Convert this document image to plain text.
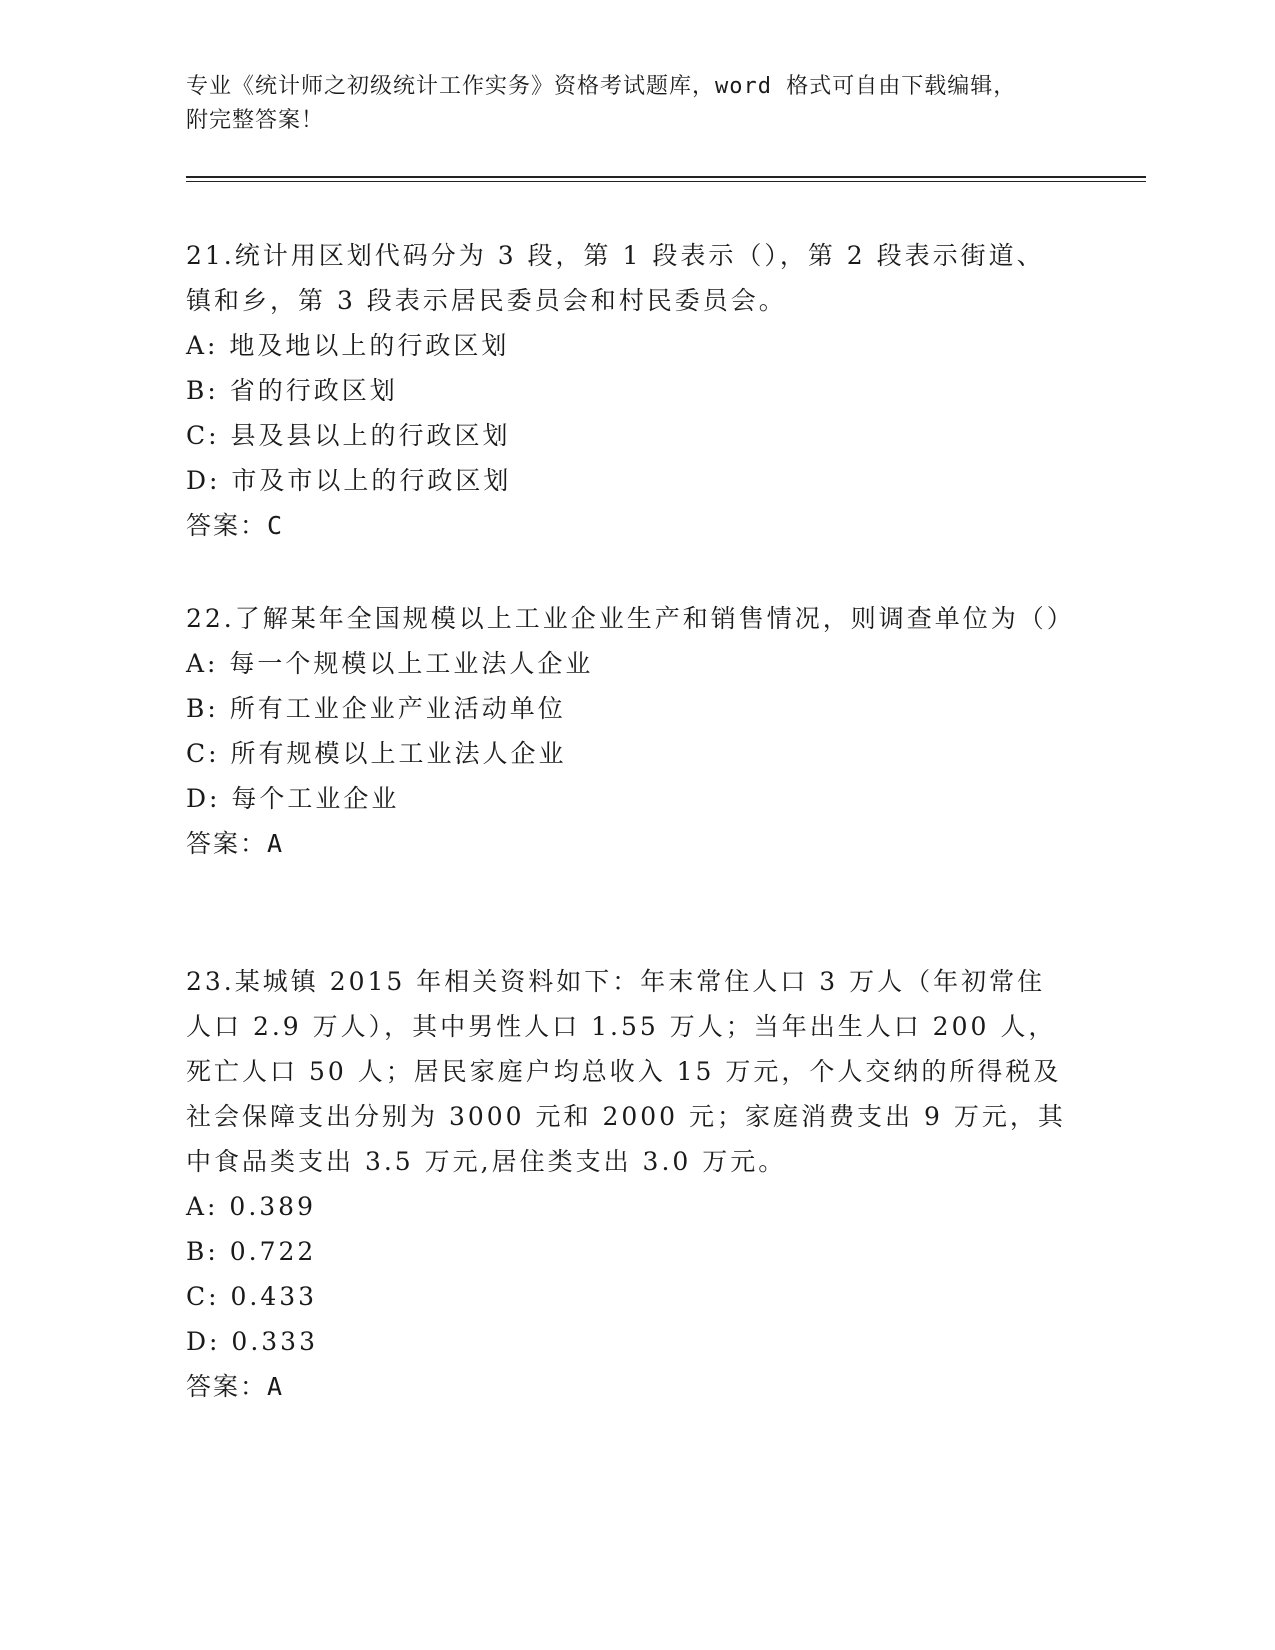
专业《统计师之初级统计工作实务》资格考试题库，word 格式可自由下载编辑，
附完整答案！

21.统计用区划代码分为 3 段，第 1 段表示（），第 2 段表示街道、镇和乡，第 3 段表示居民委员会和村民委员会。

A: 地及地以上的行政区划

B: 省的行政区划

C: 县及县以上的行政区划

D: 市及市以上的行政区划

答案：C

22.了解某年全国规模以上工业企业生产和销售情况，则调查单位为（）

A: 每一个规模以上工业法人企业

B: 所有工业企业产业活动单位

C: 所有规模以上工业法人企业

D: 每个工业企业

答案：A

23.某城镇 2015 年相关资料如下：年末常住人口 3 万人（年初常住人口 2.9 万人），其中男性人口 1.55 万人；当年出生人口 200 人，死亡人口 50 人；居民家庭户均总收入 15 万元，个人交纳的所得税及社会保障支出分别为 3000 元和 2000 元；家庭消费支出 9 万元，其中食品类支出 3.5 万元,居住类支出 3.0 万元。

A: 0.389

B: 0.722

C: 0.433

D: 0.333

答案：A
